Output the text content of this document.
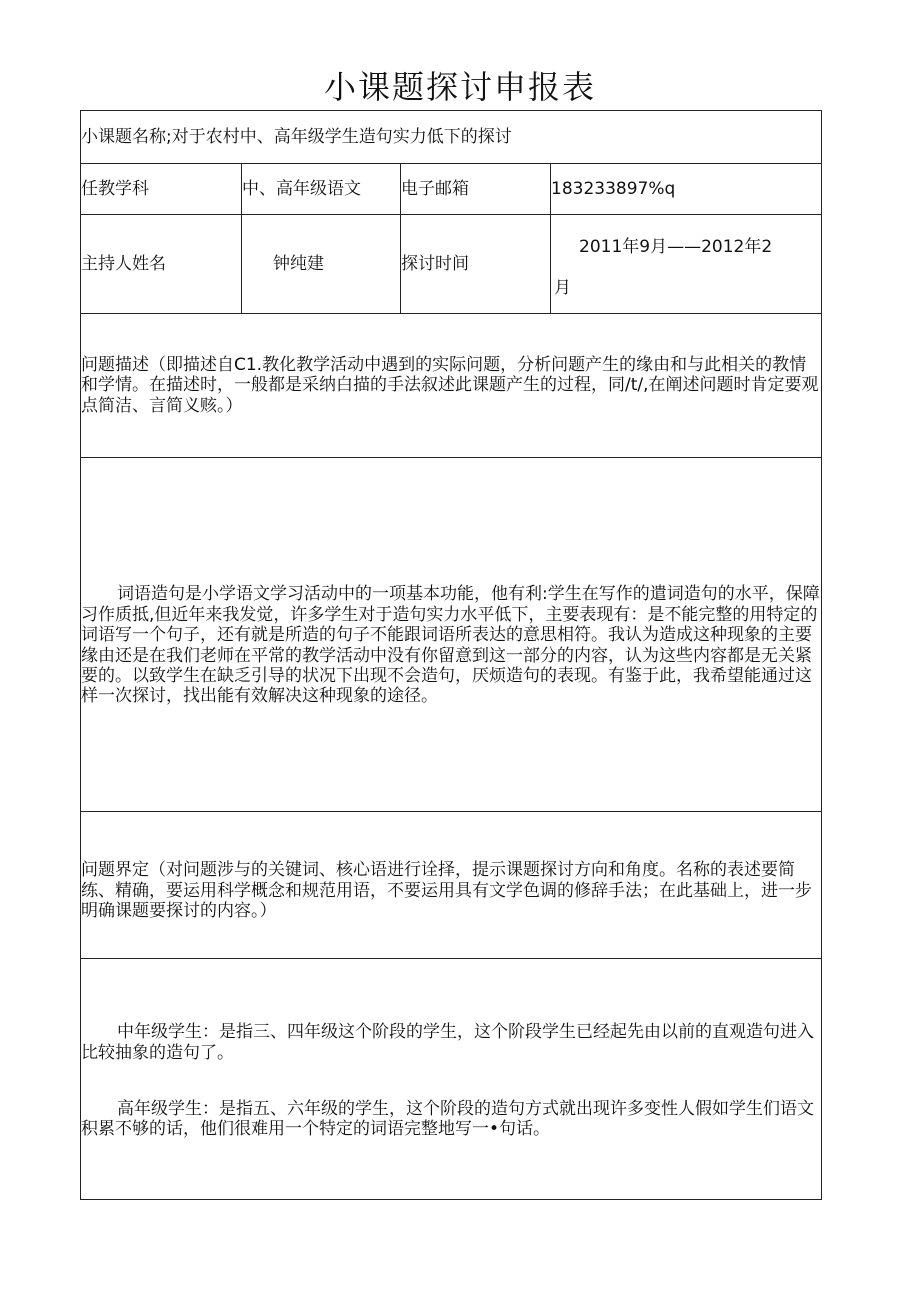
小课题探讨申报表
小课题名称;对于农村中、高年级学生造句实力低下的探讨			
任教学科	中、高年级语文	电子邮箱	183233897%q
主持人姓名	钟纯建	探讨时间	2011年9月——2012年2
月

问题描述（即描述自C1.教化教学活动中遇到的实际问题，分析问题产生的缘由和与此相关的教情和学情。在描述时，一般都是采纳白描的手法叙述此课题产生的过程，同/t/,在阐述问题时肯定要观点简洁、言简义赅。）			

词语造句是小学语文学习活动中的一项基本功能，他有利:学生在写作的遣词造句的水平，保障习作质抵,但近年来我发觉，许多学生对于造句实力水平低下，主要表现有：是不能完整的用特定的词语写一个句子，还有就是所造的句子不能跟词语所表达的意思相符。我认为造成这种现象的主要缘由还是在我们老师在平常的教学活动中没有你留意到这一部分的内容，认为这些内容都是无关紧要的。以致学生在缺乏引导的状况下出现不会造句，厌烦造句的表现。有鉴于此，我希望能通过这样一次探讨，找出能有效解决这种现象的途径。			

问题界定（对问题涉与的关键词、核心语进行诠择，提示课题探讨方向和角度。名称的表述要简练、精确，要运用科学概念和规范用语，不要运用具有文学色调的修辞手法；在此基础上，进一步明确课题要探讨的内容。）			

中年级学生：是指三、四年级这个阶段的学生，这个阶段学生已经起先由以前的直观造句进入比较抽象的造句了。

高年级学生：是指五、六年级的学生，这个阶段的造句方式就出现许多变性人假如学生们语文积累不够的话，他们很难用一个特定的词语完整地写一•句话。			
